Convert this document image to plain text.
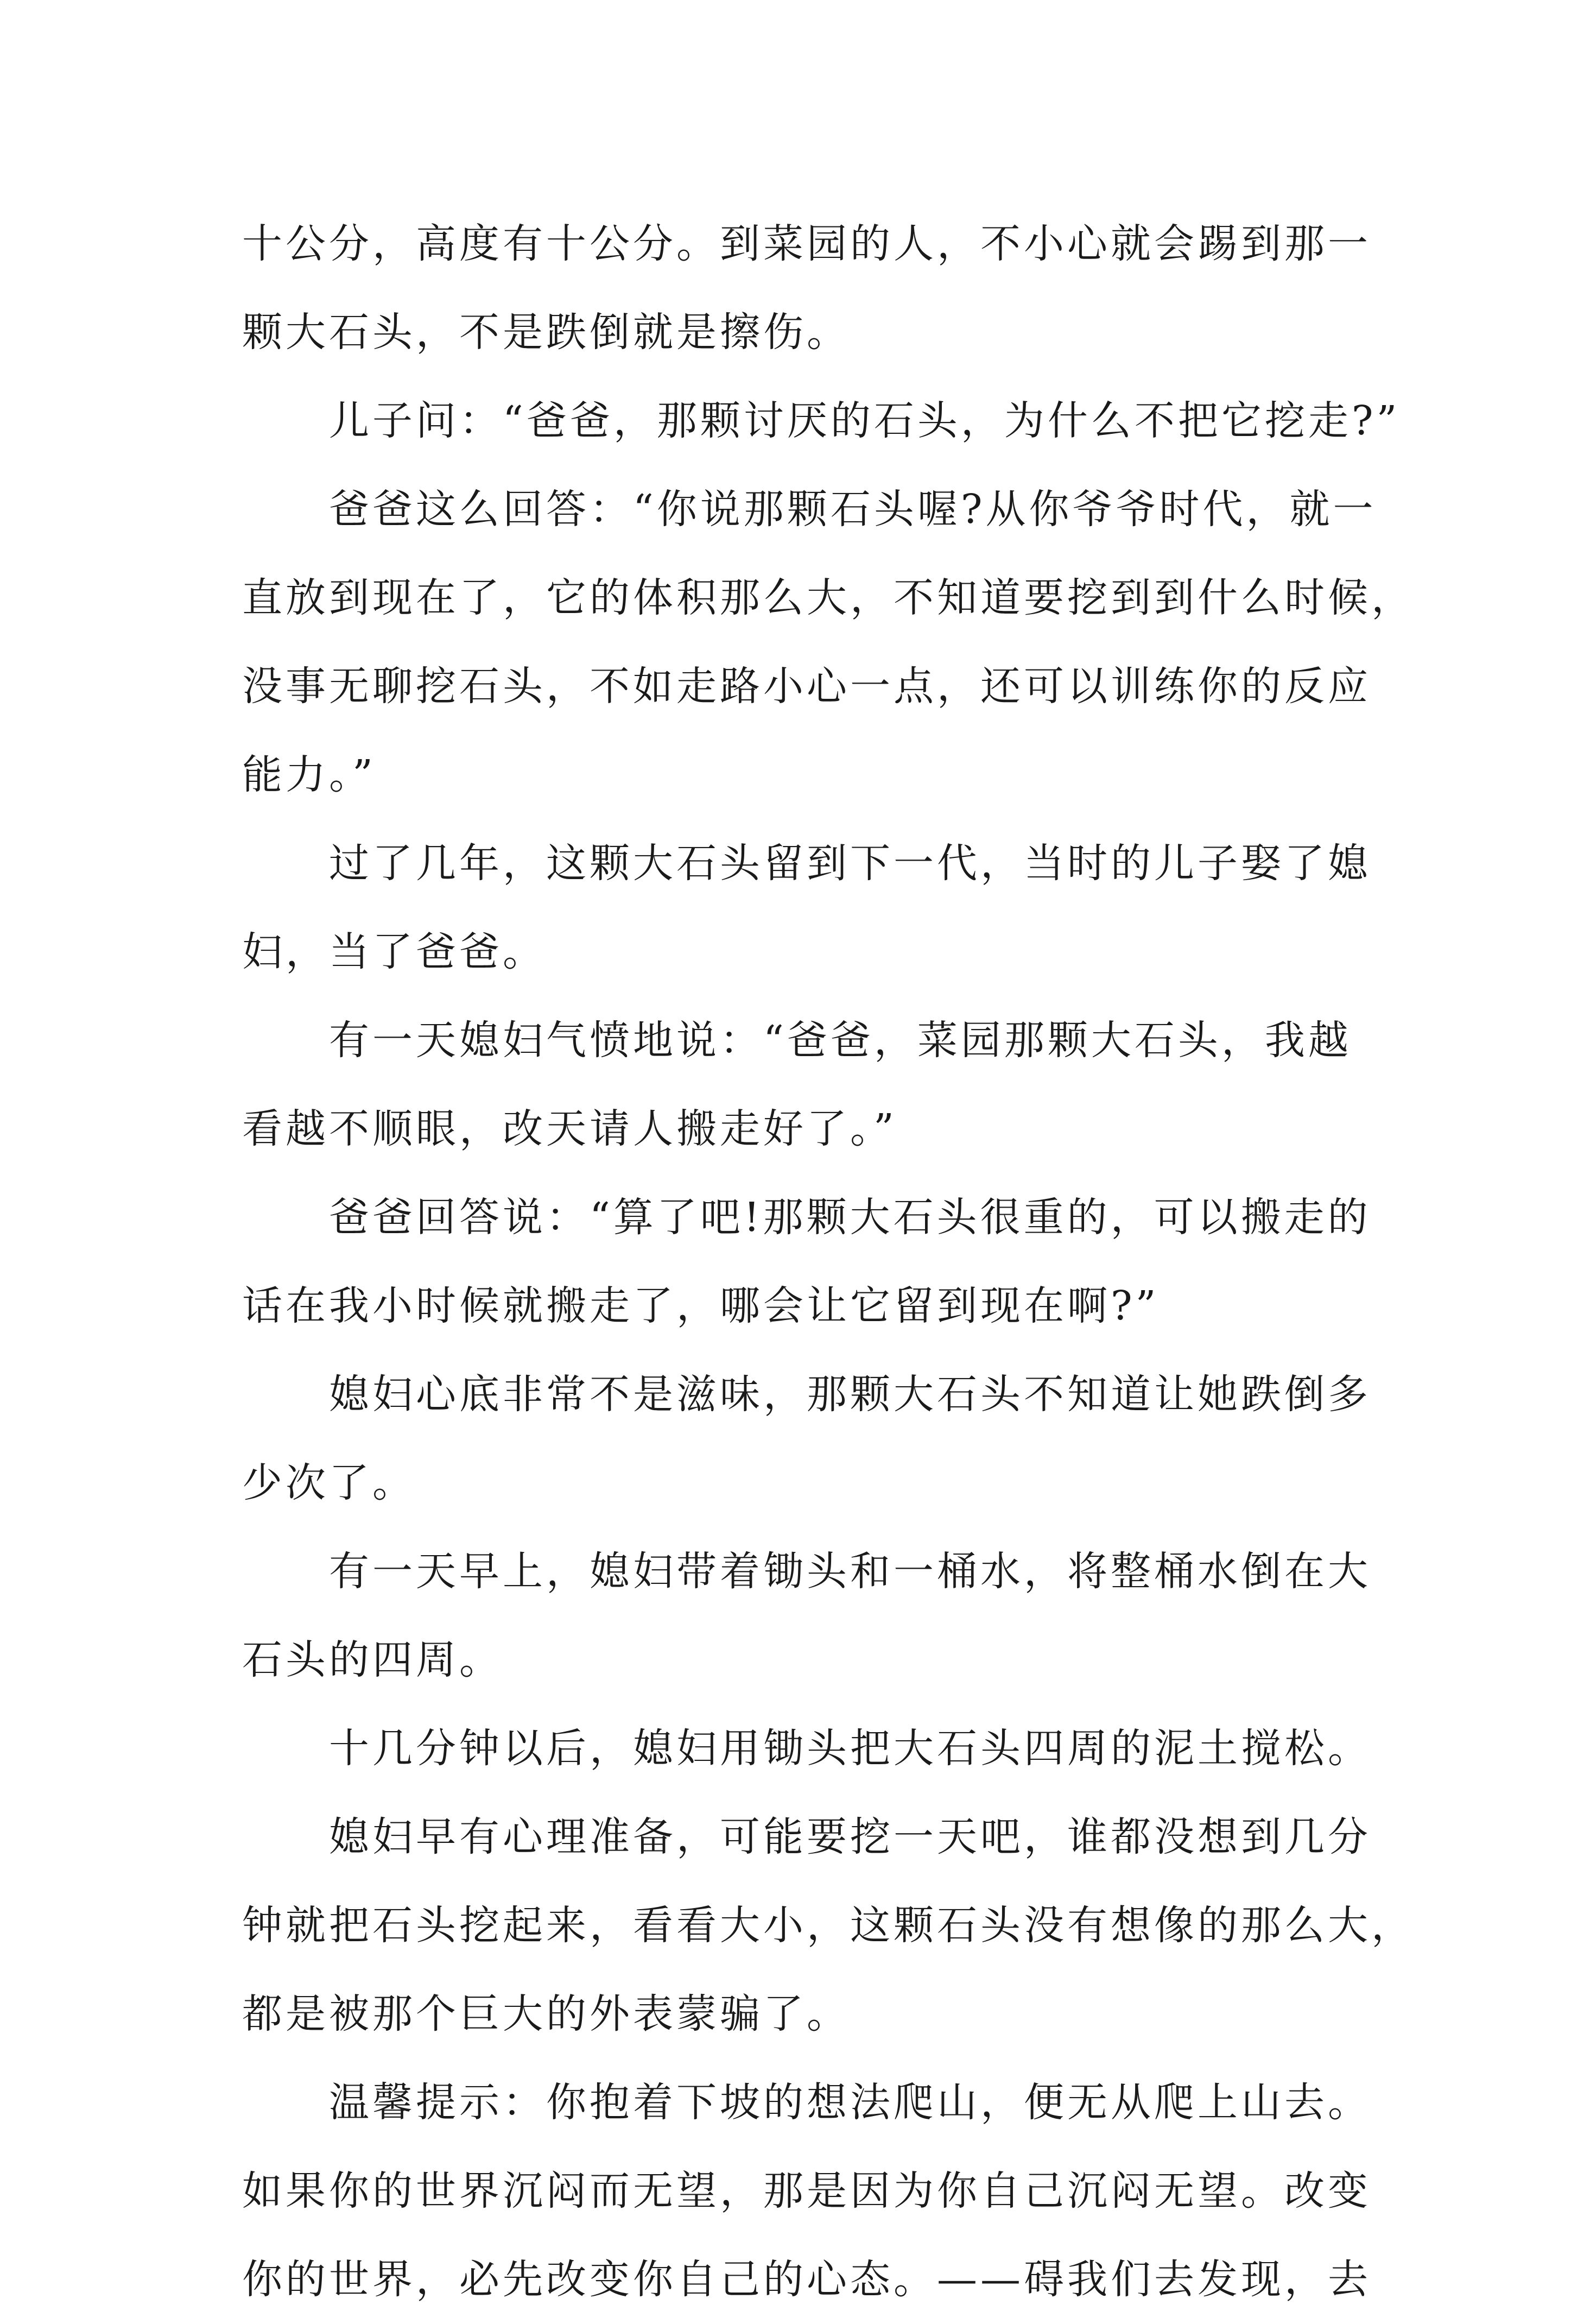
十公分，高度有十公分。到菜园的人，不小心就会踢到那一
颗大石头，不是跌倒就是擦伤。
儿子问：“爸爸，那颗讨厌的石头，为什么不把它挖走?”
爸爸这么回答：“你说那颗石头喔?从你爷爷时代，就一
直放到现在了，它的体积那么大，不知道要挖到到什么时候，
没事无聊挖石头，不如走路小心一点，还可以训练你的反应
能力。”
过了几年，这颗大石头留到下一代，当时的儿子娶了媳
妇，当了爸爸。
有一天媳妇气愤地说：“爸爸，菜园那颗大石头，我越
看越不顺眼，改天请人搬走好了。”
爸爸回答说：“算了吧!那颗大石头很重的，可以搬走的
话在我小时候就搬走了，哪会让它留到现在啊?”
媳妇心底非常不是滋味，那颗大石头不知道让她跌倒多
少次了。
有一天早上，媳妇带着锄头和一桶水，将整桶水倒在大
石头的四周。
十几分钟以后，媳妇用锄头把大石头四周的泥土搅松。
媳妇早有心理准备，可能要挖一天吧，谁都没想到几分
钟就把石头挖起来，看看大小，这颗石头没有想像的那么大，
都是被那个巨大的外表蒙骗了。
温馨提示：你抱着下坡的想法爬山，便无从爬上山去。
如果你的世界沉闷而无望，那是因为你自己沉闷无望。改变
你的世界，必先改变你自己的心态。——碍我们去发现，去
